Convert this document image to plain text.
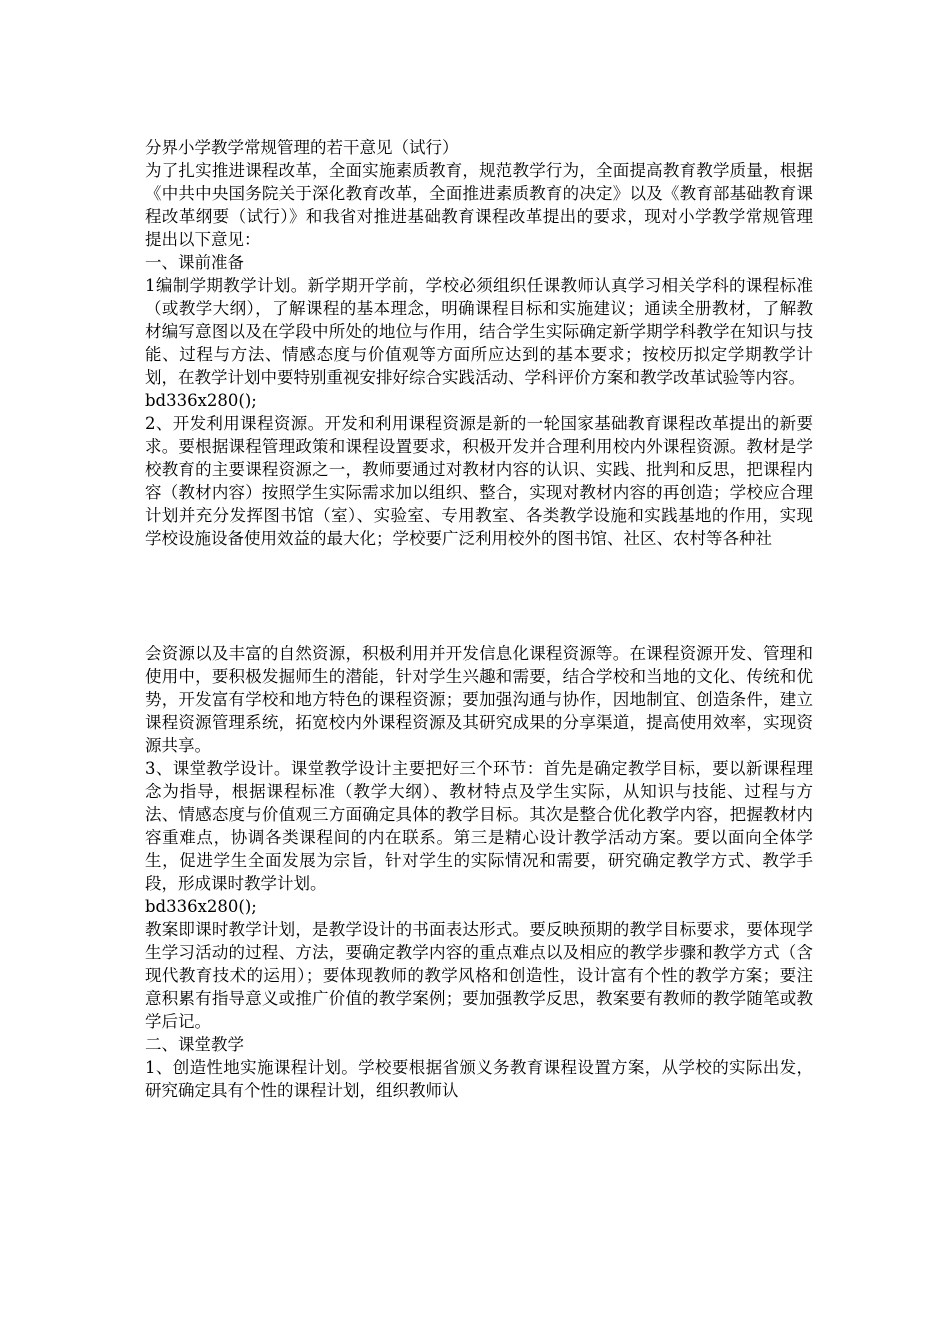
分界小学教学常规管理的若干意见（试行）

为了扎实推进课程改革，全面实施素质教育，规范教学行为，全面提高教育教学质量，根据《中共中央国务院关于深化教育改革，全面推进素质教育的决定》以及《教育部基础教育课程改革纲要（试行）》和我省对推进基础教育课程改革提出的要求，现对小学教学常规管理提出以下意见：

一、课前准备

1编制学期教学计划。新学期开学前，学校必须组织任课教师认真学习相关学科的课程标准（或教学大纲），了解课程的基本理念，明确课程目标和实施建议；通读全册教材，了解教材编写意图以及在学段中所处的地位与作用，结合学生实际确定新学期学科教学在知识与技能、过程与方法、情感态度与价值观等方面所应达到的基本要求；按校历拟定学期教学计划，在教学计划中要特别重视安排好综合实践活动、学科评价方案和教学改革试验等内容。

bd336x280();

2、开发利用课程资源。开发和利用课程资源是新的一轮国家基础教育课程改革提出的新要求。要根据课程管理政策和课程设置要求，积极开发并合理利用校内外课程资源。教材是学校教育的主要课程资源之一，教师要通过对教材内容的认识、实践、批判和反思，把课程内容（教材内容）按照学生实际需求加以组织、整合，实现对教材内容的再创造；学校应合理计划并充分发挥图书馆（室）、实验室、专用教室、各类教学设施和实践基地的作用，实现学校设施设备使用效益的最大化；学校要广泛利用校外的图书馆、社区、农村等各种社

会资源以及丰富的自然资源，积极利用并开发信息化课程资源等。在课程资源开发、管理和使用中，要积极发掘师生的潜能，针对学生兴趣和需要，结合学校和当地的文化、传统和优势，开发富有学校和地方特色的课程资源；要加强沟通与协作，因地制宜、创造条件，建立课程资源管理系统，拓宽校内外课程资源及其研究成果的分享渠道，提高使用效率，实现资源共享。

3、课堂教学设计。课堂教学设计主要把好三个环节：首先是确定教学目标，要以新课程理念为指导，根据课程标准（教学大纲）、教材特点及学生实际，从知识与技能、过程与方法、情感态度与价值观三方面确定具体的教学目标。其次是整合优化教学内容，把握教材内容重难点，协调各类课程间的内在联系。第三是精心设计教学活动方案。要以面向全体学生，促进学生全面发展为宗旨，针对学生的实际情况和需要，研究确定教学方式、教学手段，形成课时教学计划。

bd336x280();

教案即课时教学计划，是教学设计的书面表达形式。要反映预期的教学目标要求，要体现学生学习活动的过程、方法，要确定教学内容的重点难点以及相应的教学步骤和教学方式（含现代教育技术的运用）；要体现教师的教学风格和创造性，设计富有个性的教学方案；要注意积累有指导意义或推广价值的教学案例；要加强教学反思，教案要有教师的教学随笔或教学后记。

二、课堂教学

1、创造性地实施课程计划。学校要根据省颁义务教育课程设置方案，从学校的实际出发，研究确定具有个性的课程计划，组织教师认
